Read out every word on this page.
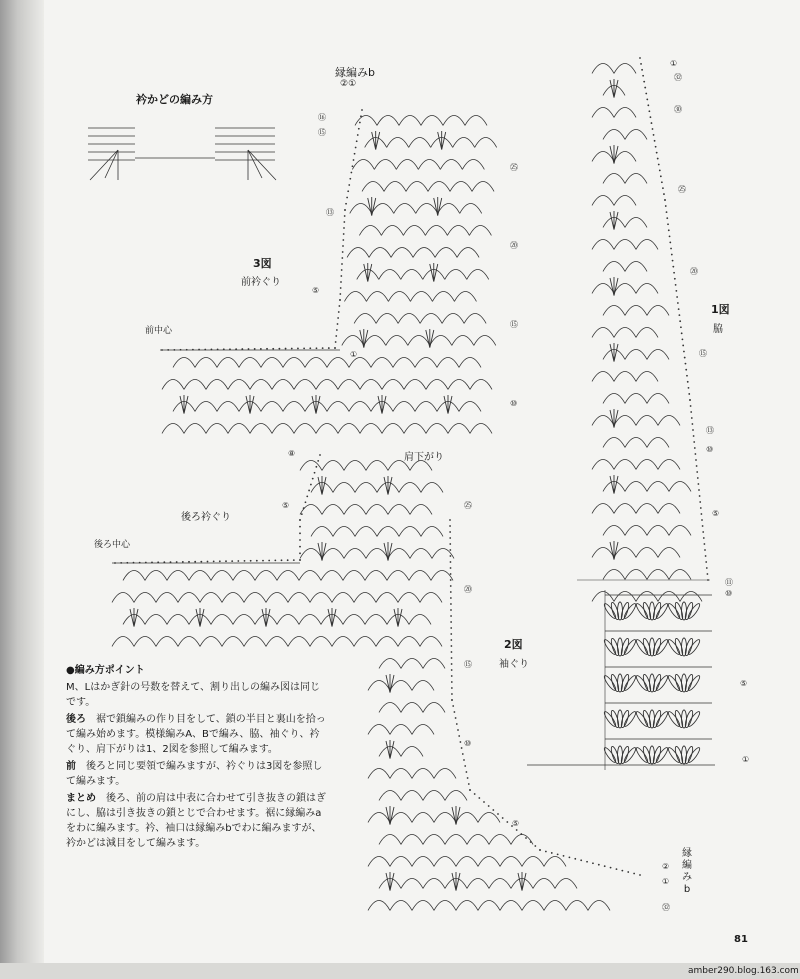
⑯
⑮
⑬
⑤
①
㉕
⑳
⑮
⑩
⑧
⑤	㉕
⑳
⑮
⑩
⑤
②
①
㉜
①
㉜
㉚
㉕
⑳
⑮
⑬
⑩
⑤
⑪
⑩
⑤
①
衿かどの編み方
縁編みb
②①
3図
前衿ぐり
前中心
1図
脇
肩下がり
後ろ衿ぐり
後ろ中心
2図
袖ぐり
縁編みb

●編み方ポイント

M、Lはかぎ針の号数を替えて、割り出しの編み図は同じです。

後ろ　 裾で鎖編みの作り目をして、鎖の半目と裏山を拾って編み始めます。模様編みA、Bで編み、脇、袖ぐり、衿ぐり、肩下がりは1、2図を参照して編みます。

前　 後ろと同じ要領で編みますが、衿ぐりは3図を参照して編みます。

まとめ　 後ろ、前の肩は中表に合わせて引き抜きの鎖はぎにし、脇は引き抜きの鎖とじで合わせます。裾に縁編みaをわに編みます。衿、袖口は縁編みbでわに編みますが、衿かどは減目をして編みます。

81
amber290.blog.163.com
